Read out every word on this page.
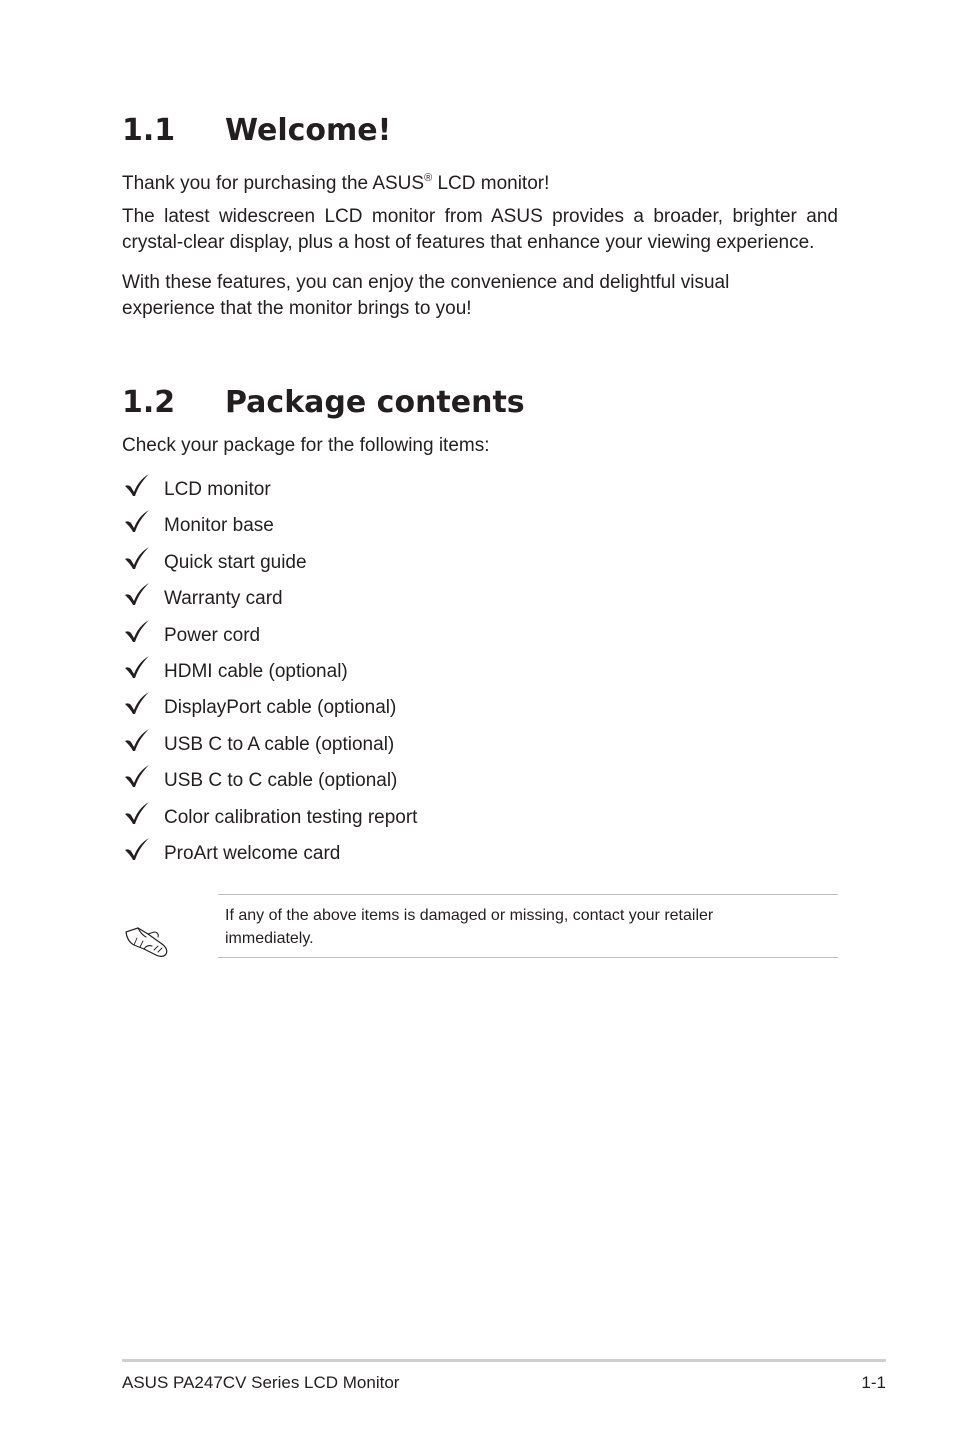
1.1 Welcome!

Thank you for purchasing the ASUS® LCD monitor!

The latest widescreen LCD monitor from ASUS provides a broader, brighter and crystal-clear display, plus a host of features that enhance your viewing experience.

With these features, you can enjoy the convenience and delightful visual
experience that the monitor brings to you!

1.2 Package contents

Check your package for the following items:

LCD monitor
Monitor base
Quick start guide
Warranty card
Power cord
HDMI cable (optional)
DisplayPort cable (optional)
USB C to A cable (optional)
USB C to C cable (optional)
Color calibration testing report
ProArt welcome card

If any of the above items is damaged or missing, contact your retailer
immediately.

ASUS PA247CV Series LCD Monitor	1-1
